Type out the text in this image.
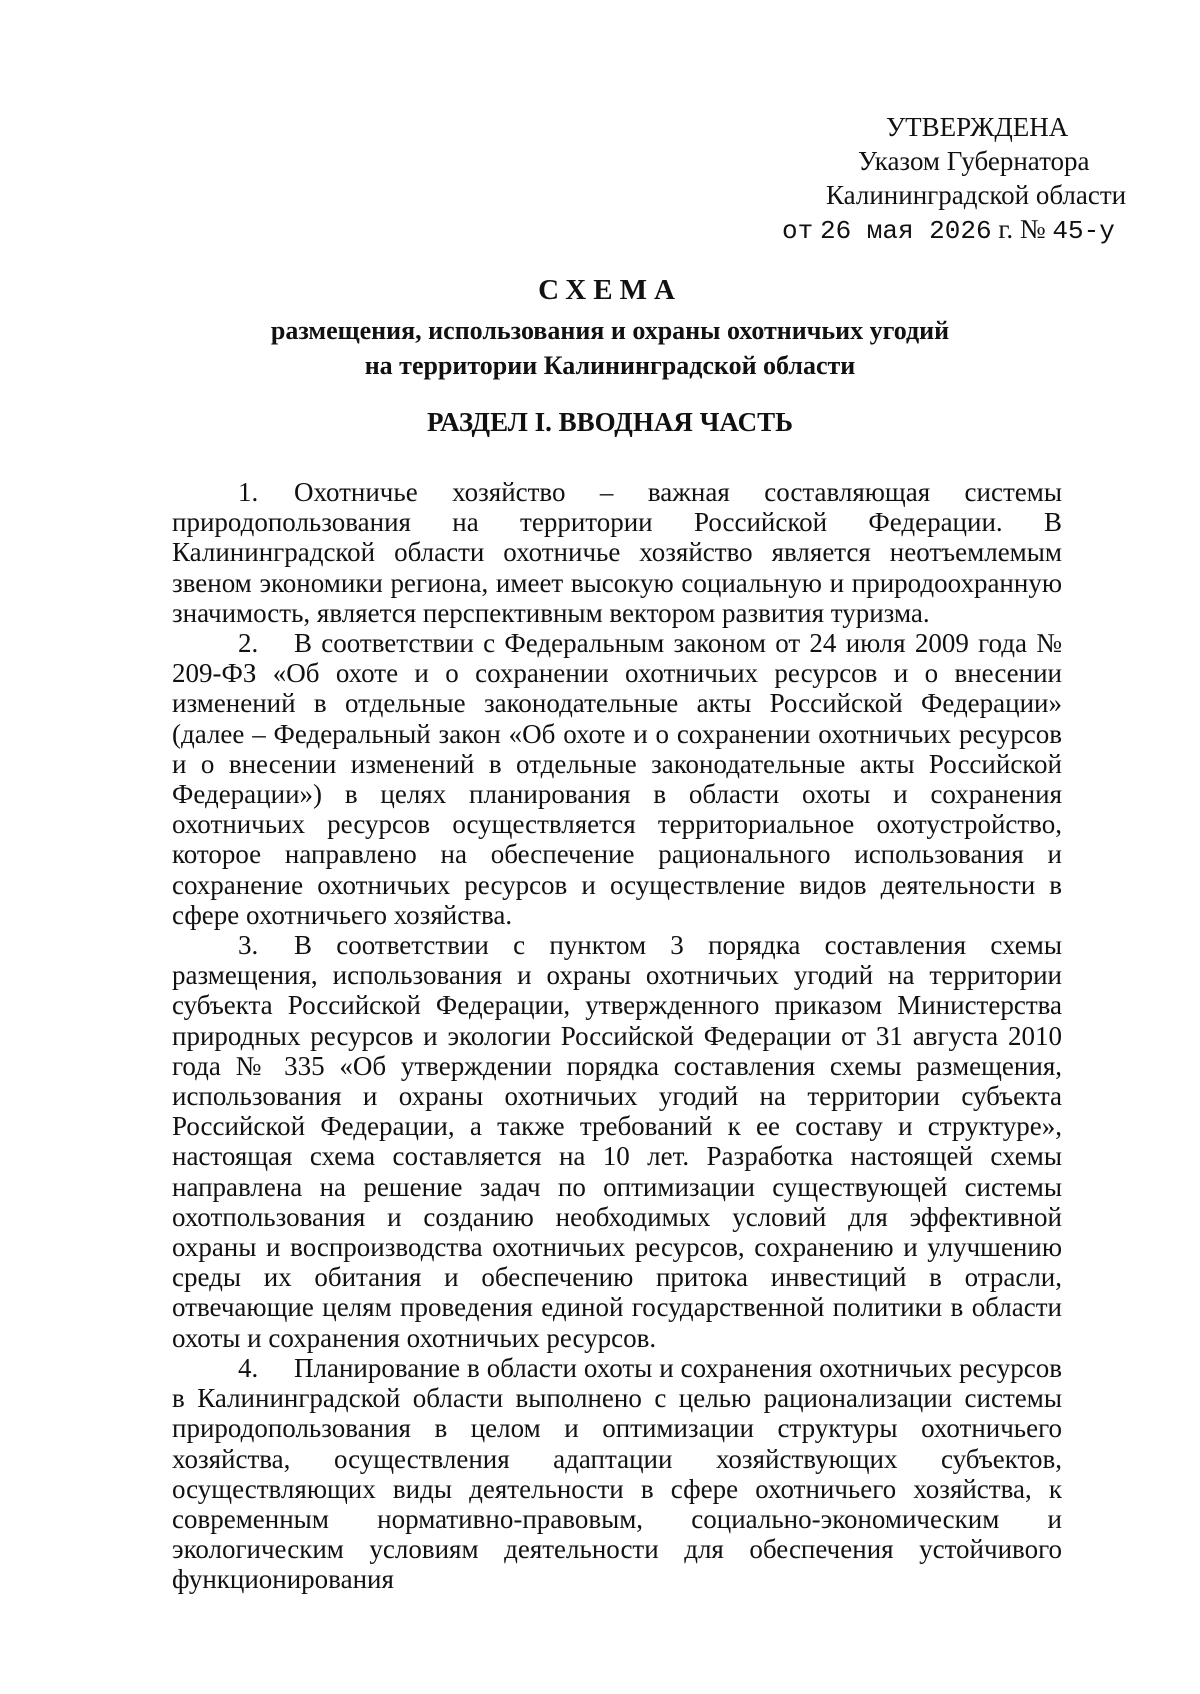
УТВЕРЖДЕНА
Указом Губернатора
Калининградской области
от 26 мая 2026 г. № 45-у
СХЕМА
размещения, использования и охраны охотничьих угодий
на территории Калининградской области
РАЗДЕЛ I. ВВОДНАЯ ЧАСТЬ

1. Охотничье хозяйство – важная составляющая системы природопользования на территории Российской Федерации. В Калининградской области охотничье хозяйство является неотъемлемым звеном экономики региона, имеет высокую социальную и природоохранную значимость, является перспективным вектором развития туризма.

2. В соответствии с Федеральным законом от 24 июля 2009 года № 209-ФЗ «Об охоте и о сохранении охотничьих ресурсов и о внесении изменений в отдельные законодательные акты Российской Федерации» (далее – Федеральный закон «Об охоте и о сохранении охотничьих ресурсов и о внесении изменений в отдельные законодательные акты Российской Федерации») в целях планирования в области охоты и сохранения охотничьих ресурсов осуществляется территориальное охотустройство, которое направлено на обеспечение рационального использования и сохранение охотничьих ресурсов и осуществление видов деятельности в сфере охотничьего хозяйства.

3. В соответствии с пунктом 3 порядка составления схемы размещения, использования и охраны охотничьих угодий на территории субъекта Российской Федерации, утвержденного приказом Министерства природных ресурсов и экологии Российской Федерации от 31 августа 2010 года № 335 «Об утверждении порядка составления схемы размещения, использования и охраны охотничьих угодий на территории субъекта Российской Федерации, а также требований к ее составу и структуре», настоящая схема составляется на 10 лет. Разработка настоящей схемы направлена на решение задач по оптимизации существующей системы охотпользования и созданию необходимых условий для эффективной охраны и воспроизводства охотничьих ресурсов, сохранению и улучшению среды их обитания и обеспечению притока инвестиций в отрасли, отвечающие целям проведения единой государственной политики в области охоты и сохранения охотничьих ресурсов.

4. Планирование в области охоты и сохранения охотничьих ресурсов в Калининградской области выполнено с целью рационализации системы природопользования в целом и оптимизации структуры охотничьего хозяйства, осуществления адаптации хозяйствующих субъектов, осуществляющих виды деятельности в сфере охотничьего хозяйства, к современным нормативно-правовым, социально-экономическим и экологическим условиям деятельности для обеспечения устойчивого функционирования
